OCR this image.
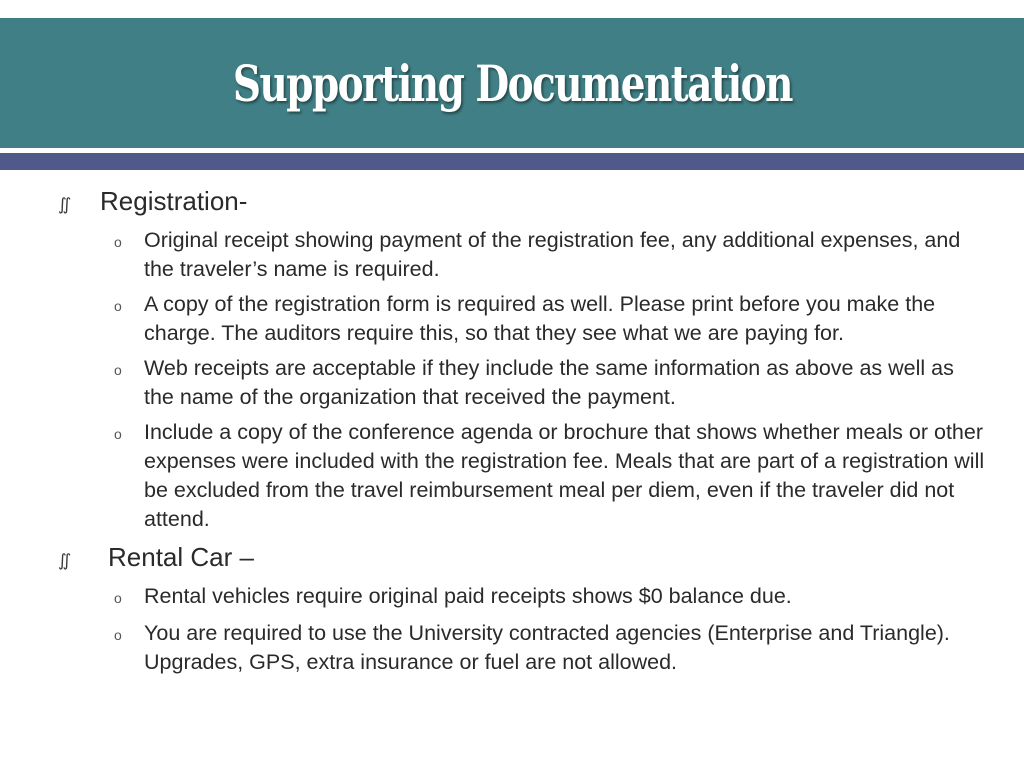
Supporting Documentation
∬	Registration-
o	Original receipt showing payment of the registration fee, any additional expenses, and the traveler’s name is required.
o	A copy of the registration form is required as well. Please print before you make the charge. The auditors require this, so that they see what we are paying for.
o	Web receipts are acceptable if they include the same information as above as well as the name of the organization that received the payment.
o	Include a copy of the conference agenda or brochure that shows whether meals or other expenses were included with the registration fee. Meals that are part of a registration will be excluded from the travel reimbursement meal per diem, even if the traveler did not attend.
∬	Rental Car –
o	Rental vehicles require original paid receipts shows $0 balance due.
o	You are required to use the University contracted agencies (Enterprise and Triangle). Upgrades, GPS, extra insurance or fuel are not allowed.
